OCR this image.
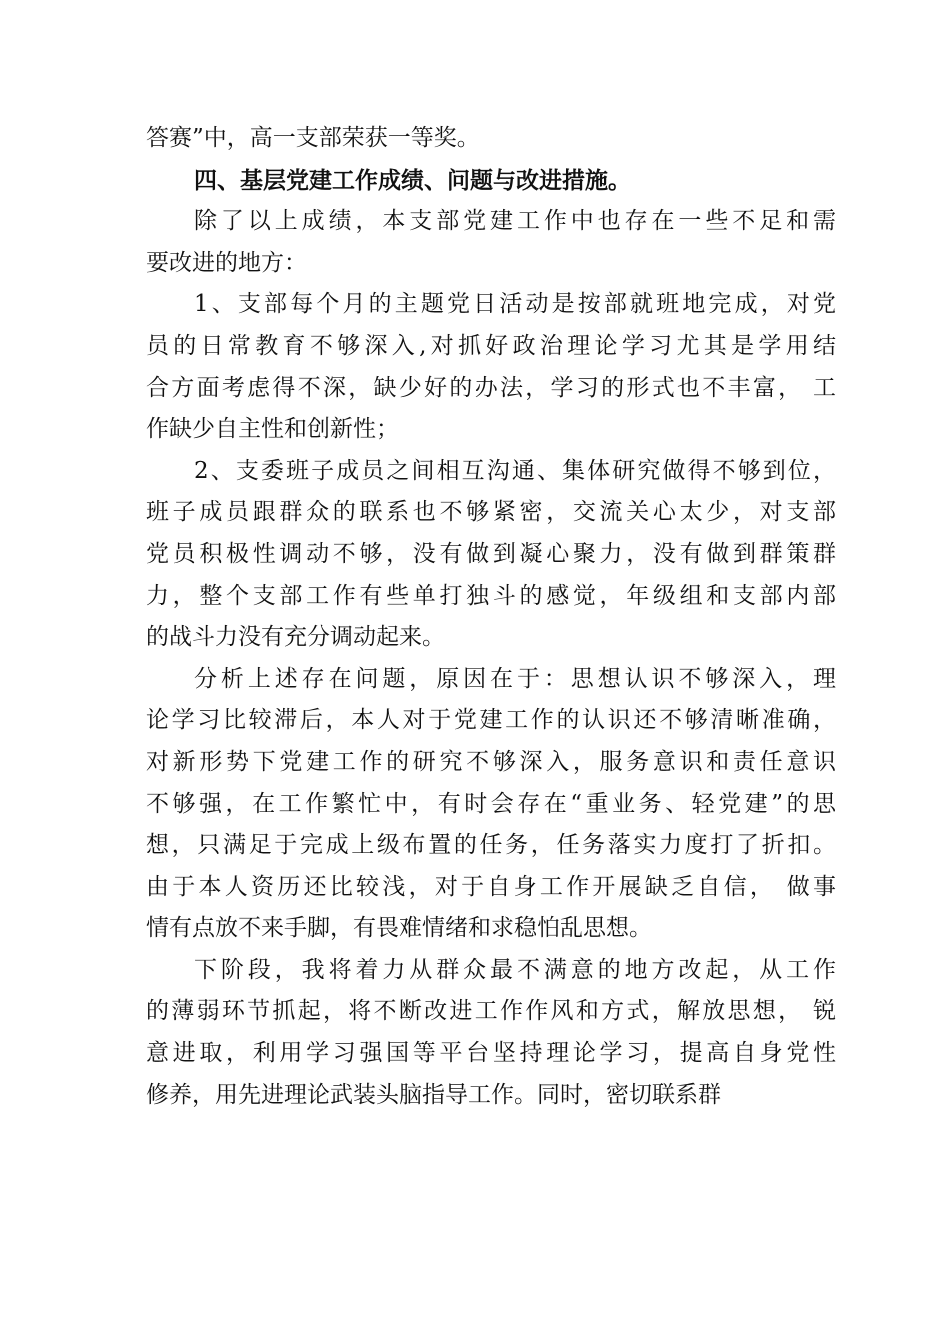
答赛”中，高一支部荣获一等奖。
四、基层党建工作成绩、问题与改进措施。
除了以上成绩，本支部党建工作中也存在一些不足和需
要改进的地方：
1、支部每个月的主题党日活动是按部就班地完成，对党
员的日常教育不够深入,对抓好政治理论学习尤其是学用结
合方面考虑得不深，缺少好的办法，学习的形式也不丰富， 工
作缺少自主性和创新性；
2、支委班子成员之间相互沟通、集体研究做得不够到位，
班子成员跟群众的联系也不够紧密，交流关心太少，对支部
党员积极性调动不够，没有做到凝心聚力，没有做到群策群
力，整个支部工作有些单打独斗的感觉，年级组和支部内部
的战斗力没有充分调动起来。
分析上述存在问题，原因在于：思想认识不够深入，理
论学习比较滞后，本人对于党建工作的认识还不够清晰准确，
对新形势下党建工作的研究不够深入，服务意识和责任意识
不够强，在工作繁忙中，有时会存在“重业务、轻党建”的思
想，只满足于完成上级布置的任务，任务落实力度打了折扣。
由于本人资历还比较浅，对于自身工作开展缺乏自信， 做事
情有点放不来手脚，有畏难情绪和求稳怕乱思想。
下阶段，我将着力从群众最不满意的地方改起，从工作
的薄弱环节抓起，将不断改进工作作风和方式，解放思想， 锐
意进取，利用学习强国等平台坚持理论学习，提高自身党性
修养，用先进理论武装头脑指导工作。同时，密切联系群
